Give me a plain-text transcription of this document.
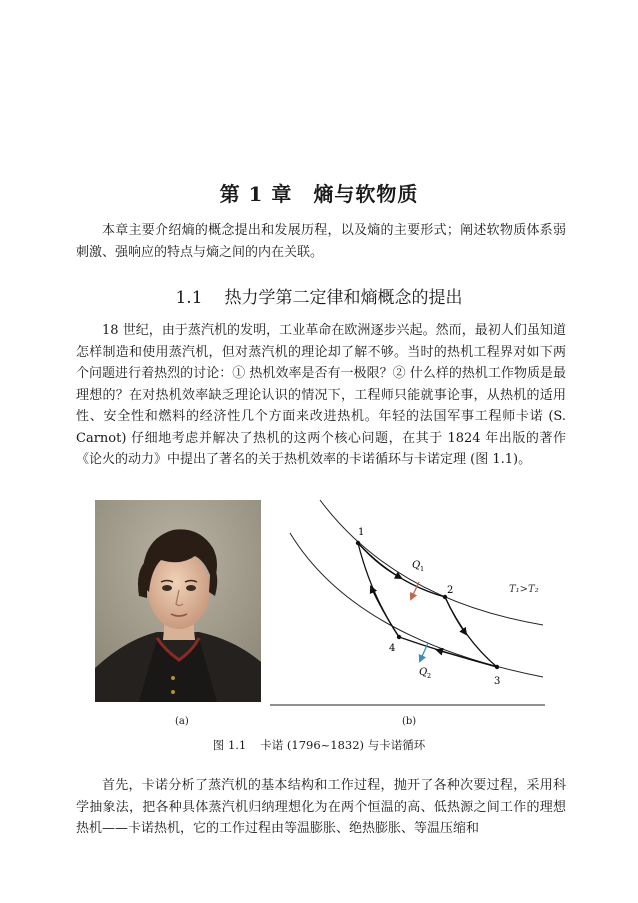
第 1 章　熵与软物质

本章主要介绍熵的概念提出和发展历程，以及熵的主要形式；阐述软物质体系弱刺激、强响应的特点与熵之间的内在关联。

1.1 热力学第二定律和熵概念的提出

18 世纪，由于蒸汽机的发明，工业革命在欧洲逐步兴起。然而，最初人们虽知道怎样制造和使用蒸汽机，但对蒸汽机的理论却了解不够。当时的热机工程界对如下两个问题进行着热烈的讨论：① 热机效率是否有一极限？② 什么样的热机工作物质是最理想的？在对热机效率缺乏理论认识的情况下，工程师只能就事论事，从热机的适用性、安全性和燃料的经济性几个方面来改进热机。年轻的法国军事工程师卡诺 (S. Carnot) 仔细地考虑并解决了热机的这两个核心问题，在其于 1824 年出版的著作《论火的动力》中提出了著名的关于热机效率的卡诺循环与卡诺定理 (图 1.1)。

1
2
3
4
Q 1
Q 2
T₁>T₂
(a)	(b)
图 1.1 卡诺 (1796~1832) 与卡诺循环

首先，卡诺分析了蒸汽机的基本结构和工作过程，抛开了各种次要过程，采用科学抽象法，把各种具体蒸汽机归纳理想化为在两个恒温的高、低热源之间工作的理想热机——卡诺热机，它的工作过程由等温膨胀、绝热膨胀、等温压缩和
